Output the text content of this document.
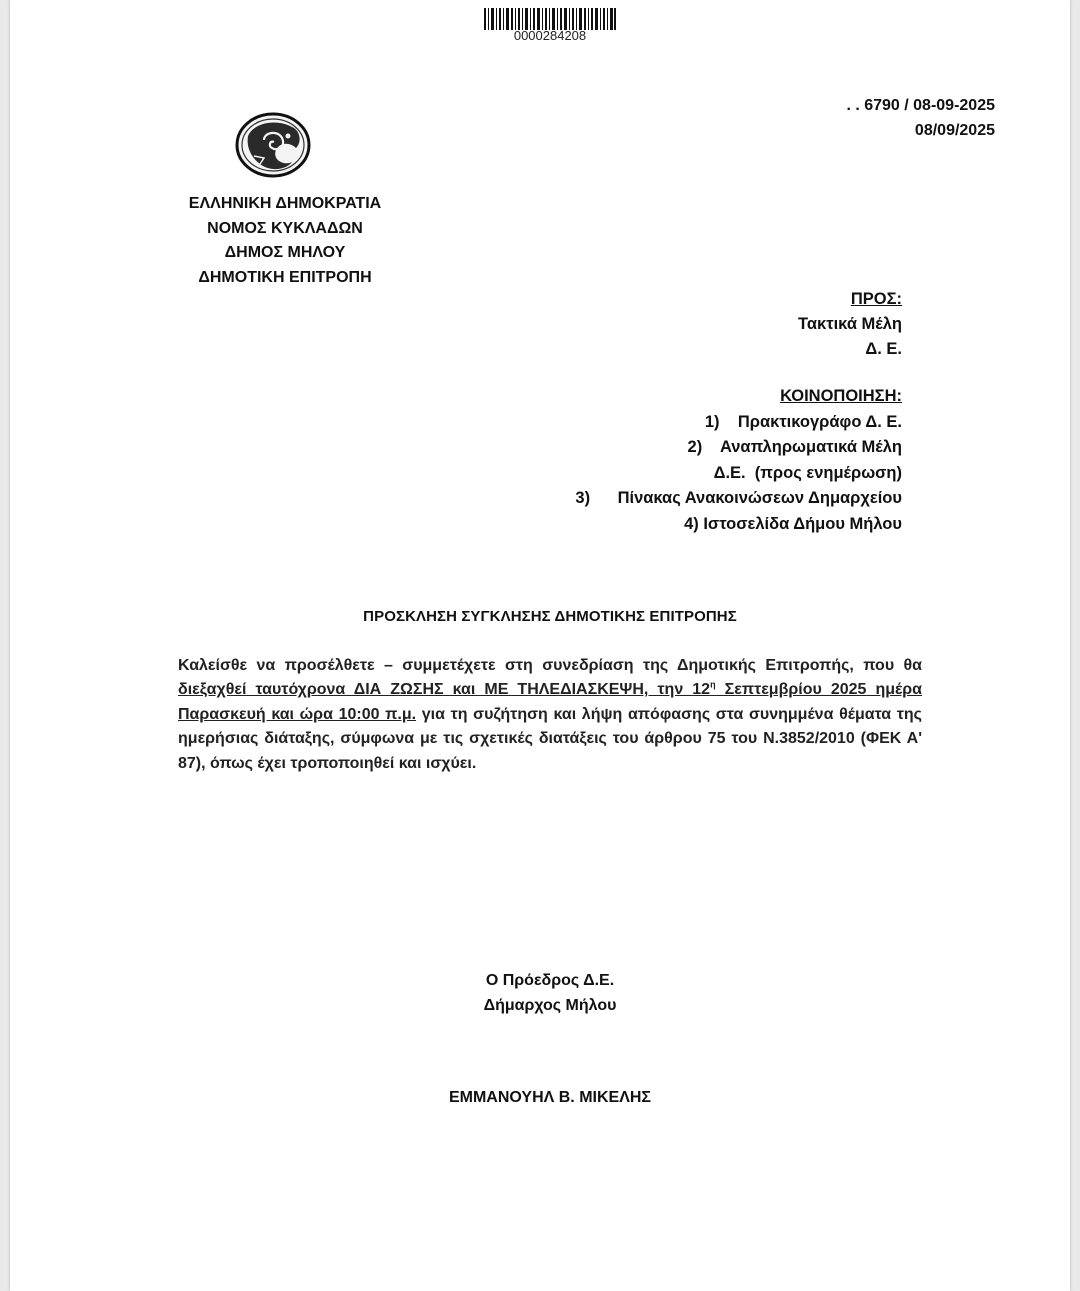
0000284208
. . 6790 / 08-09-2025
08/09/2025
ΕΛΛΗΝΙΚΗ ΔΗΜΟΚΡΑΤΙΑ
ΝΟΜΟΣ ΚΥΚΛΑΔΩΝ
ΔΗΜΟΣ ΜΗΛΟΥ
ΔΗΜΟΤΙΚΗ ΕΠΙΤΡΟΠΗ
ΠΡΟΣ:
Τακτικά Μέλη
Δ. Ε.
ΚΟΙΝΟΠΟΙΗΣΗ:
1)    Πρακτικογράφο Δ. Ε.
2)    Αναπληρωματικά Μέλη
Δ.Ε.  (προς ενημέρωση)
3)      Πίνακας Ανακοινώσεων Δημαρχείου
4) Ιστοσελίδα Δήμου Μήλου
ΠΡΟΣΚΛΗΣΗ ΣΥΓΚΛΗΣΗΣ ΔΗΜΟΤΙΚΗΣ ΕΠΙΤΡΟΠΗΣ
Καλείσθε να προσέλθετε – συμμετέχετε στη συνεδρίαση της Δημοτικής Επιτροπής, που θα διεξαχθεί ταυτόχρονα ΔΙΑ ΖΩΣΗΣ και ΜΕ ΤΗΛΕΔΙΑΣΚΕΨΗ, την $12^\eta$ Σεπτεμβρίου 2025 ημέρα Παρασκευή και ώρα 10:00 π.μ. για τη συζήτηση και λήψη απόφασης στα συνημμένα θέματα της ημερήσιας διάταξης, σύμφωνα με τις σχετικές διατάξεις του άρθρου 75 του Ν.3852/2010 (ΦΕΚ Α' 87), όπως έχει τροποποιηθεί και ισχύει.
Ο Πρόεδρος Δ.Ε.
Δήμαρχος Μήλου
ΕΜΜΑΝΟΥΗΛ Β. ΜΙΚΕΛΗΣ
